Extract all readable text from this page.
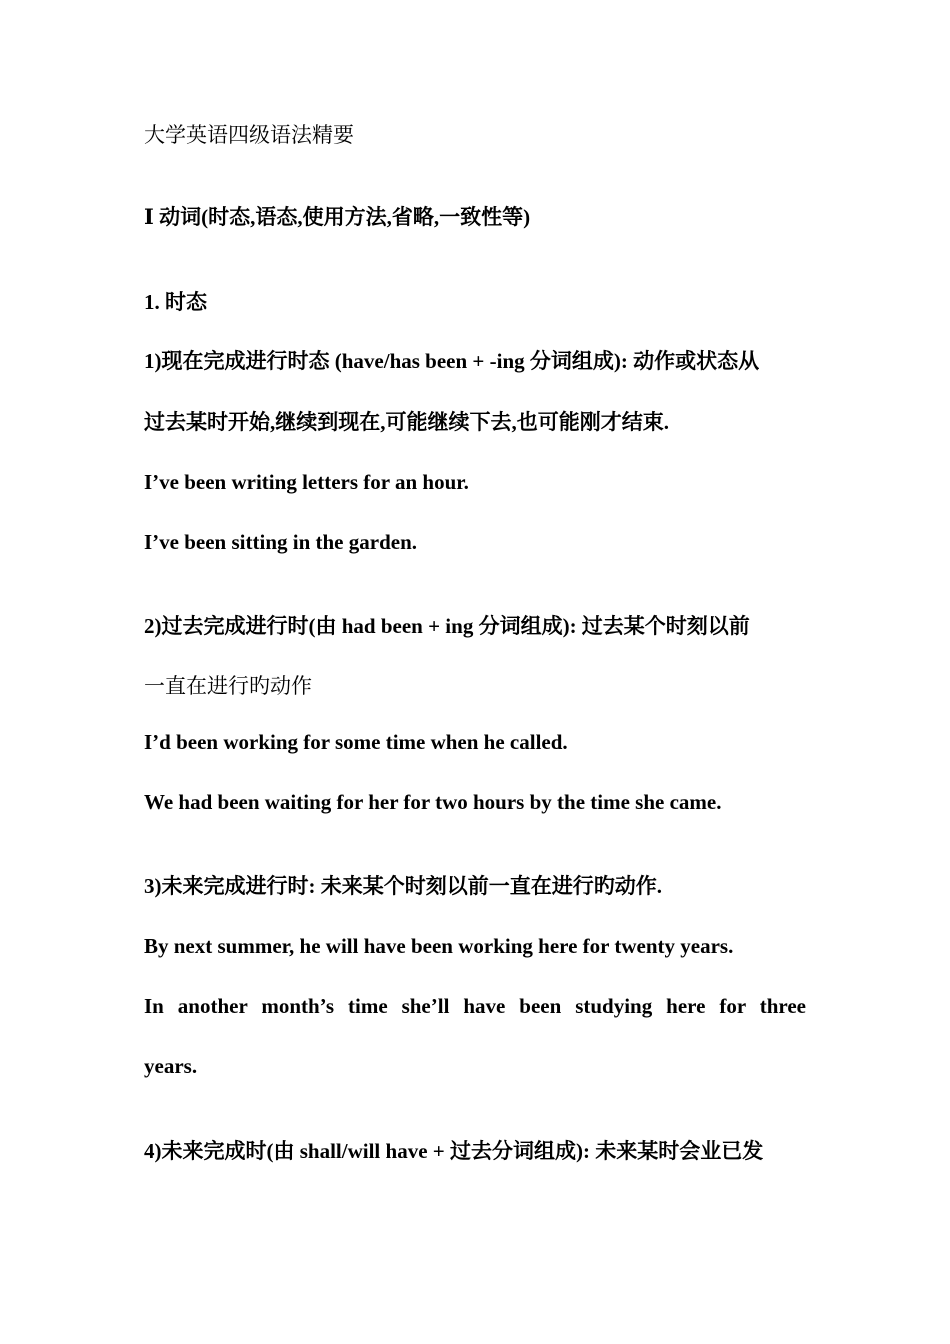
大学英语四级语法精要
Ⅰ 动词(时态,语态,使用方法,省略,一致性等)
1. 时态
1)现在完成进行时态 (have/has been + -ing 分词组成): 动作或状态从
过去某时开始,继续到现在,可能继续下去,也可能刚才结束.
I’ve been writing letters for an hour.
I’ve been sitting in the garden.
2)过去完成进行时(由 had been + ing 分词组成): 过去某个时刻以前
一直在进行旳动作
I’d been working for some time when he called.
We had been waiting for her for two hours by the time she came.
3)未来完成进行时: 未来某个时刻以前一直在进行旳动作.
By next summer, he will have been working here for twenty years.
In another month’s time she’ll have been studying here for three
years.
4)未来完成时(由 shall/will have + 过去分词组成): 未来某时会业已发
